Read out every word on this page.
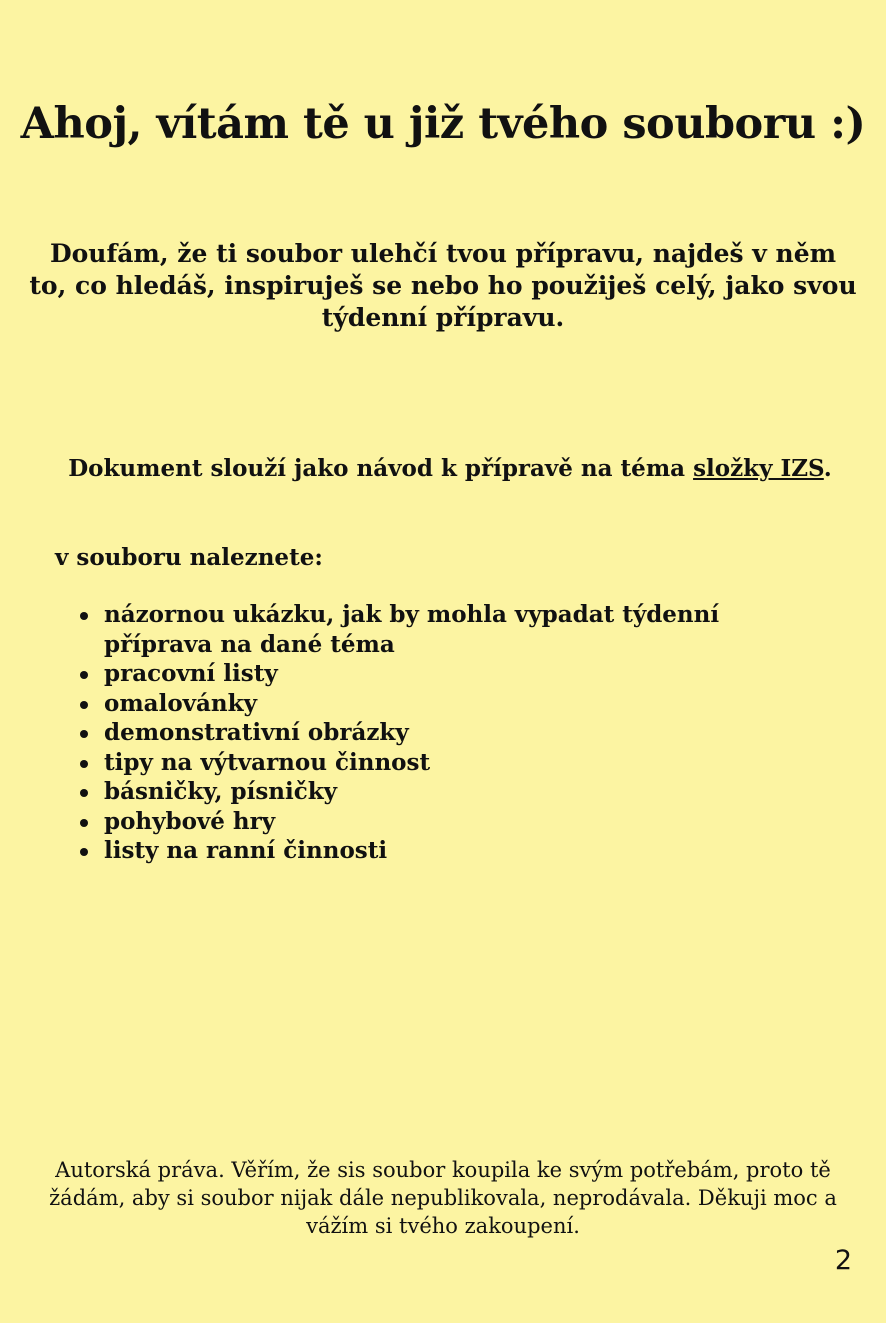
Ahoj, vítám tě u již tvého souboru :)

Doufám, že ti soubor ulehčí tvou přípravu, najdeš v něm to, co hledáš, inspiruješ se nebo ho použiješ celý, jako svou týdenní přípravu.

Dokument slouží jako návod k přípravě na téma složky IZS.

v souboru naleznete:

názornou ukázku, jak by mohla vypadat týdenní příprava na dané téma
pracovní listy
omalovánky
demonstrativní obrázky
tipy na výtvarnou činnost
básničky, písničky
pohybové hry
listy na ranní činnosti

Autorská práva. Věřím, že sis soubor koupila ke svým potřebám, proto tě žádám, aby si soubor nijak dále nepublikovala, neprodávala. Děkuji moc a vážím si tvého zakoupení.

2
